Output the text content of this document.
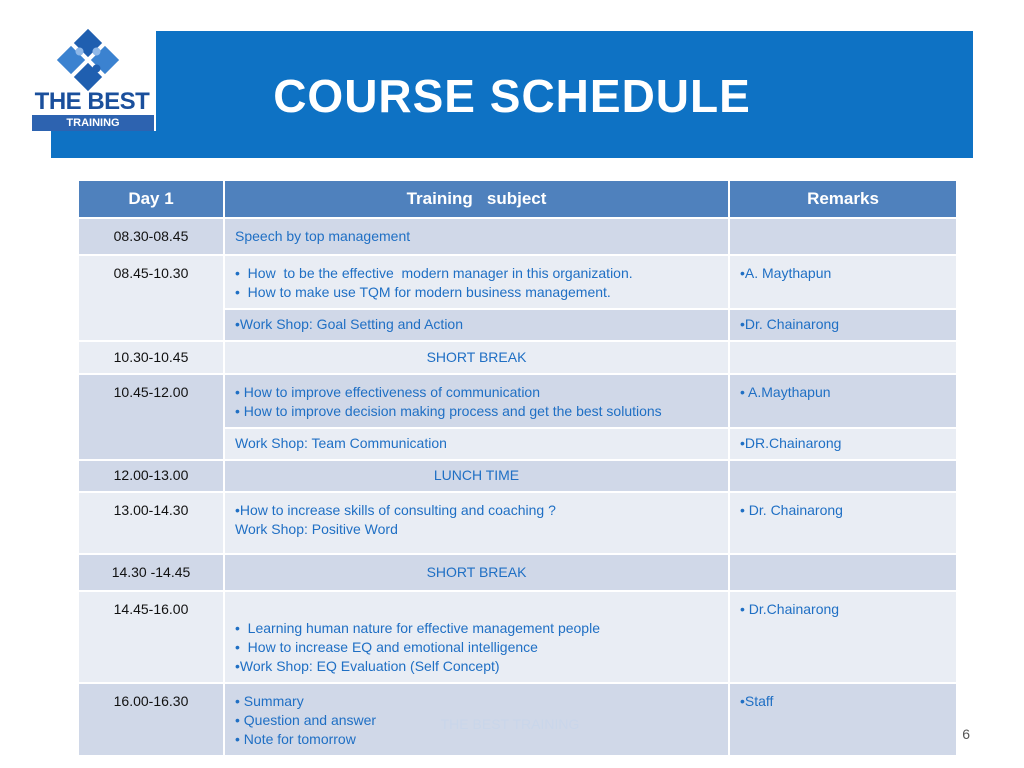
COURSE SCHEDULE
THE BEST
TRAINING
Day 1	Training   subject	Remarks
08.30-08.45	Speech by top management	

08.45-10.30	•  How  to be the effective  modern manager in this organization.
•  How to make use TQM for modern business management.	•A. Maythapun

	•Work Shop: Goal Setting and Action	•Dr. Chainarong

10.30-10.45	SHORT BREAK	

10.45-12.00	• How to improve effectiveness of communication
• How to improve decision making process and get the best solutions	• A.Maythapun

	Work Shop: Team Communication	•DR.Chainarong

12.00-13.00	LUNCH TIME	

13.00-14.30	•How to increase skills of consulting and coaching ?
Work Shop: Positive Word	• Dr. Chainarong

14.30 -14.45	SHORT BREAK	

14.45-16.00	•  Learning human nature for effective management people
•  How to increase EQ and emotional intelligence
•Work Shop: EQ Evaluation (Self Concept)	• Dr.Chainarong

16.00-16.30	• Summary
• Question and answer
• Note for tomorrow	•Staff
THE BEST TRAINING
6
